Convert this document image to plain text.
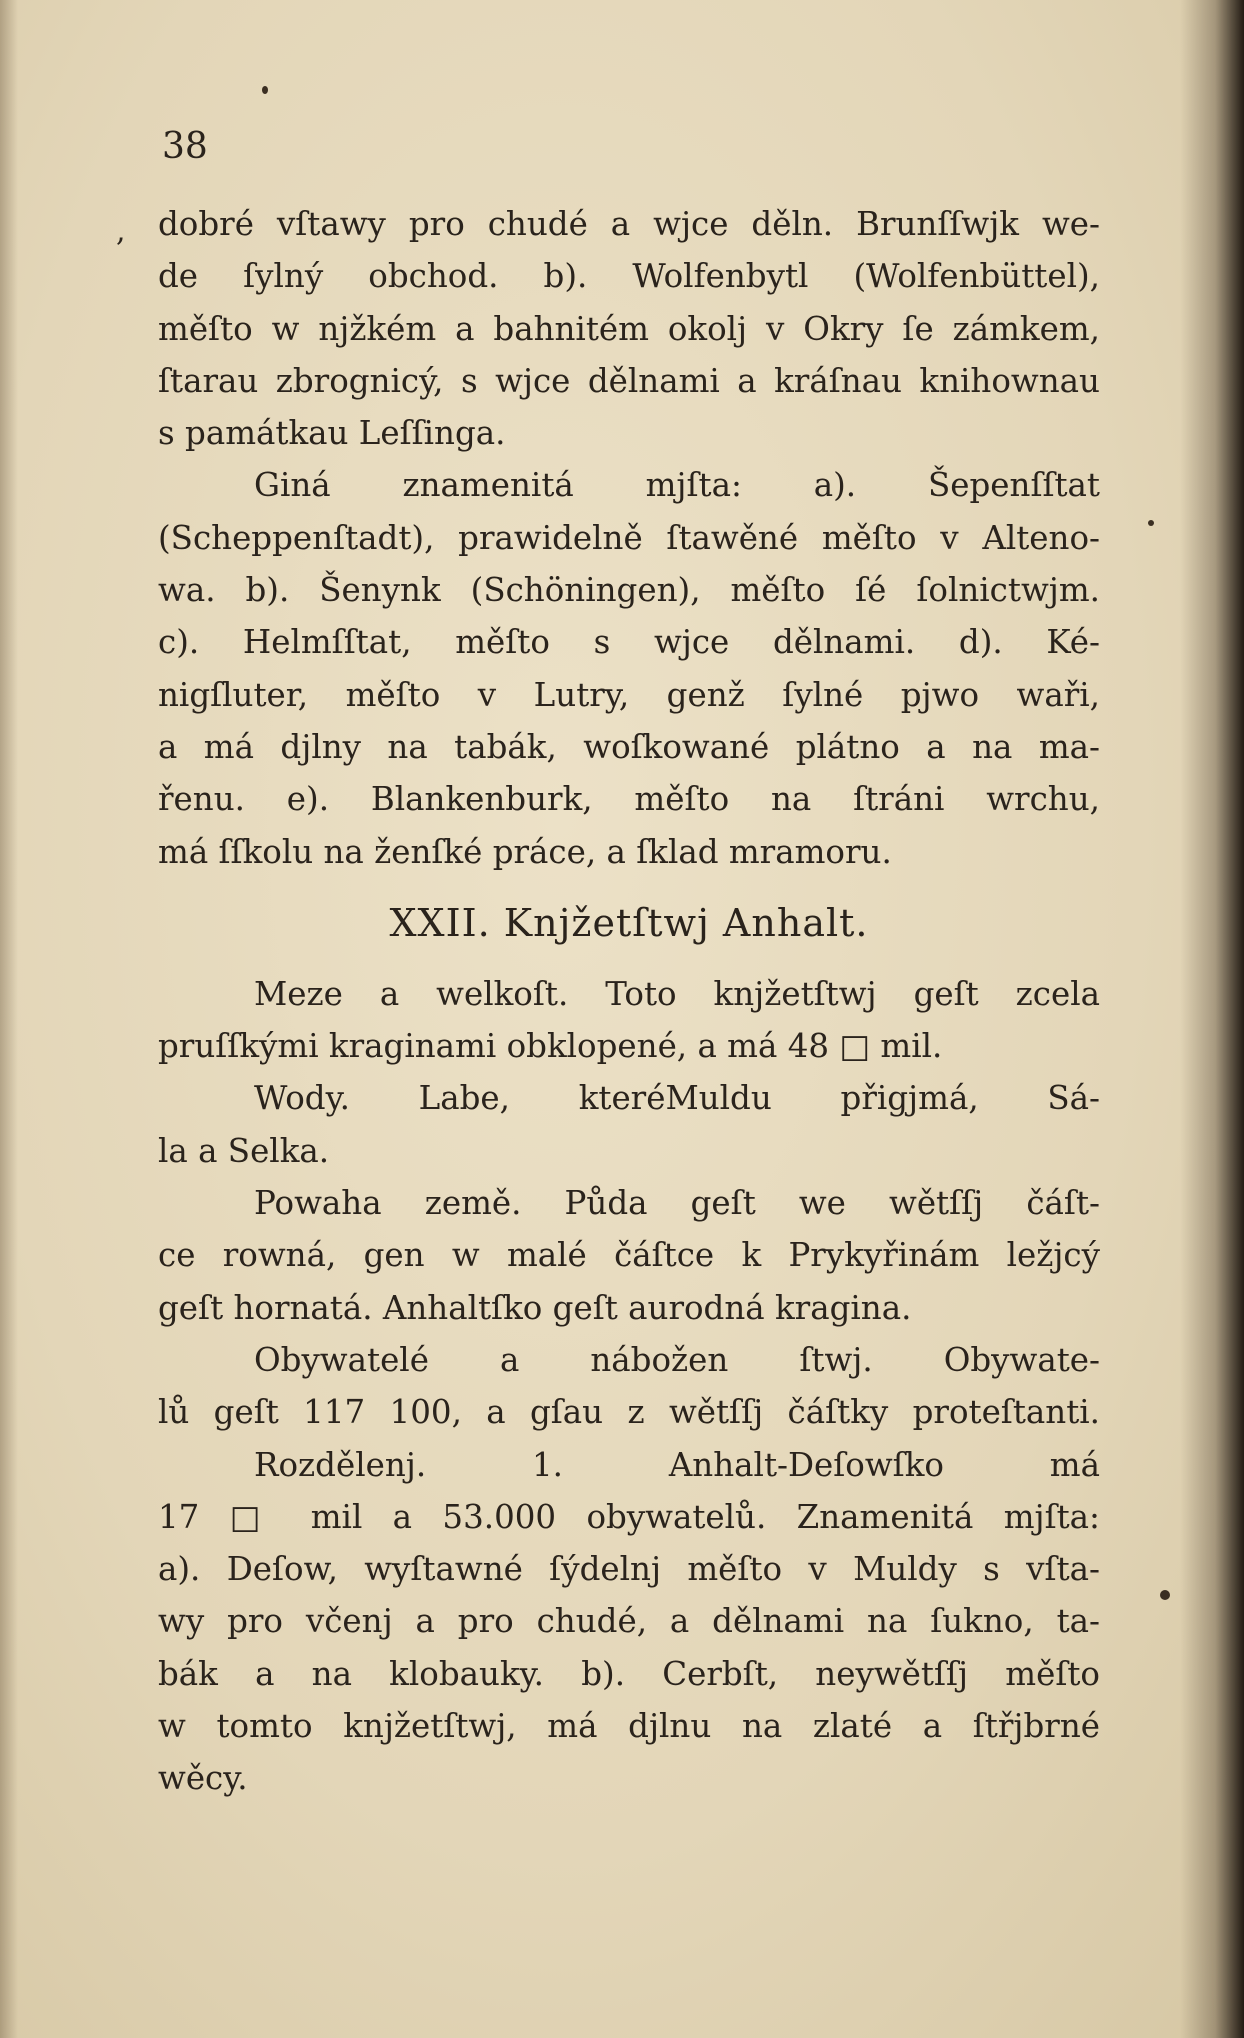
38
, dobré vſtawy pro chudé a wjce děln. Brunſſwjk we-
de ſylný obchod. b). Wolfenbytl (Wolfenbüttel),
měſto w njžkém a bahnitém okolj v Okry ſe zámkem,
ſtarau zbrognicý, s wjce dělnami a kráſnau knihownau
s památkau Leſſinga.
Giná znamenitá mjſta: a). Šepenſſtat
(Scheppenſtadt), prawidelně ſtawěné měſto v Alteno-
wa. b). Šenynk (Schöningen), měſto ſé ſolnictwjm.
c). Helmſſtat, měſto s wjce dělnami. d). Ké-
nigſluter, měſto v Lutry, genž ſylné pjwo waři,
a má djlny na tabák, woſkowané plátno a na ma-
řenu. e). Blankenburk, měſto na ſtráni wrchu,
má ſſkolu na ženſké práce, a ſklad mramoru.
XXII. Knjžetſtwj Anhalt.
Meze a welkoſt. Toto knjžetſtwj geſt zcela
pruſſkými kraginami obklopené, a má 48 □ mil.
Wody. Labe, kteréMuldu přigjmá, Sá-
la a Selka.
Powaha země. Půda geſt we wětſſj čáſt-
ce rowná, gen w malé čáſtce k Prykyřinám ležjcý
geſt hornatá. Anhaltſko geſt aurodná kragina.
Obywatelé a nábožen ſtwj. Obywate-
lů geſt 117 100, a gſau z wětſſj čáſtky proteſtanti.
Rozdělenj. 1. Anhalt-Deſowſko má
17 □ mil a 53.000 obywatelů. Znamenitá mjſta:
a). Deſow, wyſtawné ſýdelnj měſto v Muldy s vſta-
wy pro včenj a pro chudé, a dělnami na ſukno, ta-
bák a na klobauky. b). Cerbſt, neywětſſj měſto
w tomto knjžetſtwj, má djlnu na zlaté a ſtřjbrné
wěcy.
